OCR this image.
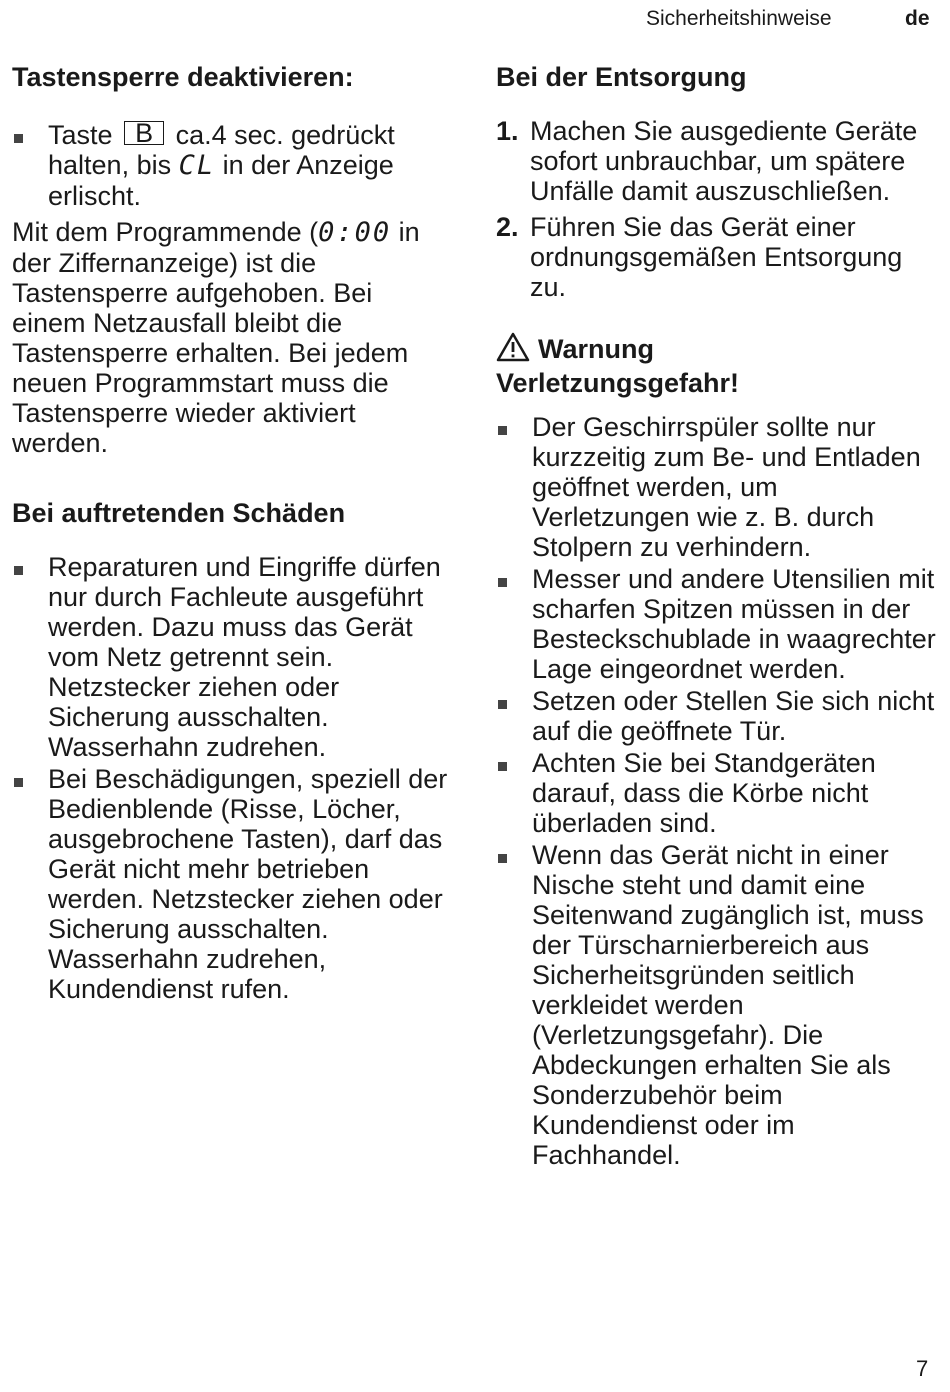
Sicherheitshinweise	de
Tastensperre deaktivieren:
Taste B ca.4 sec. gedrückt halten, bis CL in der Anzeige erlischt.

Mit dem Programmende (0:00 in der Ziffernanzeige) ist die Tastensperre aufgehoben. Bei einem Netzausfall bleibt die Tastensperre erhalten. Bei jedem neuen Programmstart muss die Tastensperre wieder aktiviert werden.

Bei auftretenden Schäden
Reparaturen und Eingriffe dürfen nur durch Fachleute ausgeführt werden. Dazu muss das Gerät vom Netz getrennt sein. Netzstecker ziehen oder Sicherung ausschalten. Wasserhahn zudrehen.
Bei Beschädigungen, speziell der Bedienblende (Risse, Löcher, ausgebrochene Tasten), darf das Gerät nicht mehr betrieben werden. Netzstecker ziehen oder Sicherung ausschalten. Wasserhahn zudrehen, Kundendienst rufen.
Bei der Entsorgung
1. Machen Sie ausgediente Geräte sofort unbrauchbar, um spätere Unfälle damit auszuschließen.
2. Führen Sie das Gerät einer ordnungsgemäßen Entsorgung zu.
Warnung
Verletzungsgefahr!
Der Geschirrspüler sollte nur kurzzeitig zum Be- und Entladen geöffnet werden, um Verletzungen wie z. B. durch Stolpern zu verhindern.
Messer und andere Utensilien mit scharfen Spitzen müssen in der Besteckschublade in waagrechter Lage eingeordnet werden.
Setzen oder Stellen Sie sich nicht auf die geöffnete Tür.
Achten Sie bei Standgeräten darauf, dass die Körbe nicht überladen sind.
Wenn das Gerät nicht in einer Nische steht und damit eine Seitenwand zugänglich ist, muss der Türscharnierbereich aus Sicherheitsgründen seitlich verkleidet werden (Verletzungsgefahr). Die Abdeckungen erhalten Sie als Sonderzubehör beim Kundendienst oder im Fachhandel.
7
